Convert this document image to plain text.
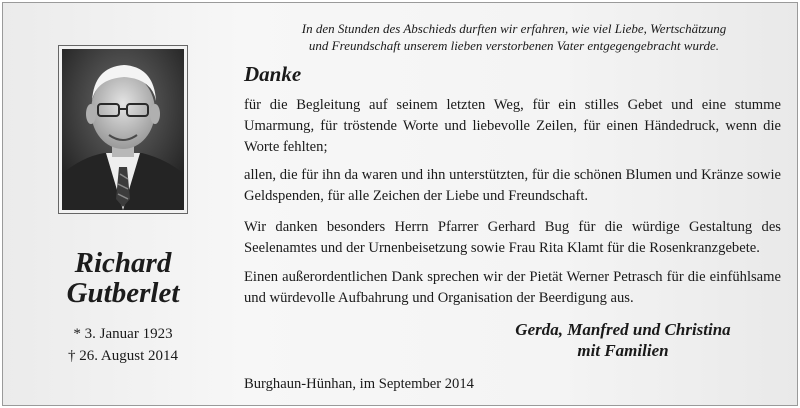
Richard
Gutberlet
* 3. Januar 1923
† 26. August 2014
In den Stunden des Abschieds durften wir erfahren, wie viel Liebe, Wertschätzung
und Freundschaft unserem lieben verstorbenen Vater entgegengebracht wurde.
Danke

für die Begleitung auf seinem letzten Weg, für ein stilles Gebet und eine stumme Umarmung, für tröstende Worte und liebevolle Zeilen, für einen Händedruck, wenn die Worte fehlten;

allen, die für ihn da waren und ihn unterstützten, für die schönen Blumen und Kränze sowie Geldspenden, für alle Zeichen der Liebe und Freundschaft.

Wir danken besonders Herrn Pfarrer Gerhard Bug für die würdige Gestaltung des Seelenamtes und der Urnenbeisetzung sowie Frau Rita Klamt für die Rosenkranzgebete.

Einen außerordentlichen Dank sprechen wir der Pietät Werner Petrasch für die einfühlsame und würdevolle Aufbahrung und Organisation der Beerdigung aus.

Gerda, Manfred und Christina
mit Familien
Burghaun-Hünhan, im September 2014
